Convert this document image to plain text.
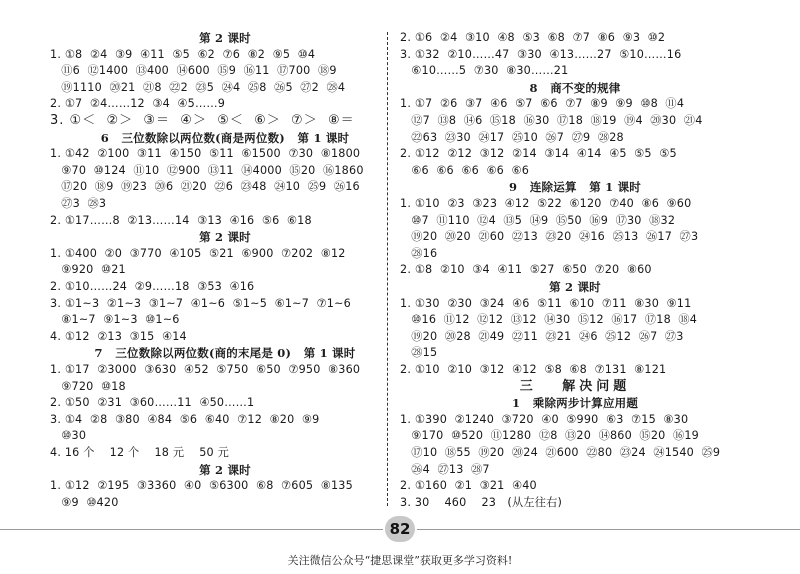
第 2 课时
1. ①8  ②4  ③9  ④11  ⑤5  ⑥2  ⑦6  ⑧2  ⑨5  ⑩4
⑪6  ⑫1400  ⑬400  ⑭600  ⑮9  ⑯11  ⑰700  ⑱9
⑲1110  ⑳21  ㉑8  ㉒2  ㉓5  ㉔4  ㉕8  ㉖5  ㉗2  ㉘4
2. ①7  ②4……12  ③4  ④5……9
3. ①＜  ②＞  ③＝  ④＞  ⑤＜  ⑥＞  ⑦＞  ⑧＝
6   三位数除以两位数(商是两位数)   第 1 课时
1. ①42  ②100  ③11  ④150  ⑤11  ⑥1500  ⑦30  ⑧1800
⑨70  ⑩124  ⑪10  ⑫900  ⑬11  ⑭4000  ⑮20  ⑯1860
⑰20  ⑱9  ⑲23  ⑳6  ㉑20  ㉒6  ㉓48  ㉔10  ㉕9  ㉖16
㉗3  ㉘3
2. ①17……8  ②13……14  ③13  ④16  ⑤6  ⑥18
第 2 课时
1. ①400  ②0  ③770  ④105  ⑤21  ⑥900  ⑦202  ⑧12
⑨920  ⑩21
2. ①10……24  ②9……18  ③53  ④16
3. ①1~3  ②1~3  ③1~7  ④1~6  ⑤1~5  ⑥1~7  ⑦1~6
⑧1~7  ⑨1~3  ⑩1~6
4. ①12  ②13  ③15  ④14
7   三位数除以两位数(商的末尾是 0)   第 1 课时
1. ①17  ②3000  ③630  ④52  ⑤750  ⑥50  ⑦950  ⑧360
⑨720  ⑩18
2. ①50  ②31  ③60……11  ④50……1
3. ①4  ②8  ③80  ④84  ⑤6  ⑥40  ⑦12  ⑧20  ⑨9
⑩30
4. 16 个    12 个    18 元    50 元
第 2 课时
1. ①12  ②195  ③3360  ④0  ⑤6300  ⑥8  ⑦605  ⑧135
⑨9  ⑩420
2. ①6  ②4  ③10  ④8  ⑤3  ⑥8  ⑦7  ⑧6  ⑨3  ⑩2
3. ①32  ②10……47  ③30  ④13……27  ⑤10……16
⑥10……5  ⑦30  ⑧30……21
8   商不变的规律
1. ①7  ②6  ③7  ④6  ⑤7  ⑥6  ⑦7  ⑧9  ⑨9  ⑩8  ⑪4
⑫7  ⑬8  ⑭6  ⑮18  ⑯30  ⑰18  ⑱19  ⑲4  ⑳30  ㉑4
㉒63  ㉓30  ㉔17  ㉕10  ㉖7  ㉗9  ㉘28
2. ①12  ②12  ③12  ②14  ③14  ④14  ④5  ⑤5  ⑤5
⑥6  ⑥6  ⑥6  ⑥6  ⑥6
9   连除运算   第 1 课时
1. ①10  ②3  ③23  ④12  ⑤22  ⑥120  ⑦40  ⑧6  ⑨60
⑩7  ⑪110  ⑫4  ⑬5  ⑭9  ⑮50  ⑯9  ⑰30  ⑱32
⑲20  ⑳20  ㉑60  ㉒13  ㉓20  ㉔16  ㉕13  ㉖17  ㉗3
㉘16
2. ①8  ②10  ③4  ④11  ⑤27  ⑥50  ⑦20  ⑧60
第 2 课时
1. ①30  ②30  ③24  ④6  ⑤11  ⑥10  ⑦11  ⑧30  ⑨11
⑩16  ⑪12  ⑫12  ⑬12  ⑭30  ⑮12  ⑯17  ⑰18  ⑱4
⑲20  ⑳28  ㉑49  ㉒11  ㉓21  ㉔6  ㉕12  ㉖7  ㉗3
㉘15
2. ①10  ②10  ③12  ④12  ⑤8  ⑥8  ⑦131  ⑧121
三   解决问题
1   乘除两步计算应用题
1. ①390  ②1240  ③720  ④0  ⑤990  ⑥3  ⑦15  ⑧30
⑨170  ⑩520  ⑪1280  ⑫8  ⑬20  ⑭860  ⑮20  ⑯19
⑰10  ⑱55  ⑲20  ⑳24  ㉑600  ㉒80  ㉓24  ㉔1540  ㉕9
㉖4  ㉗13  ㉘7
2. ①160  ②1  ③21  ④40
3. 30    460    23   (从左往右)
82
关注微信公众号“捷思课堂”获取更多学习资料!
